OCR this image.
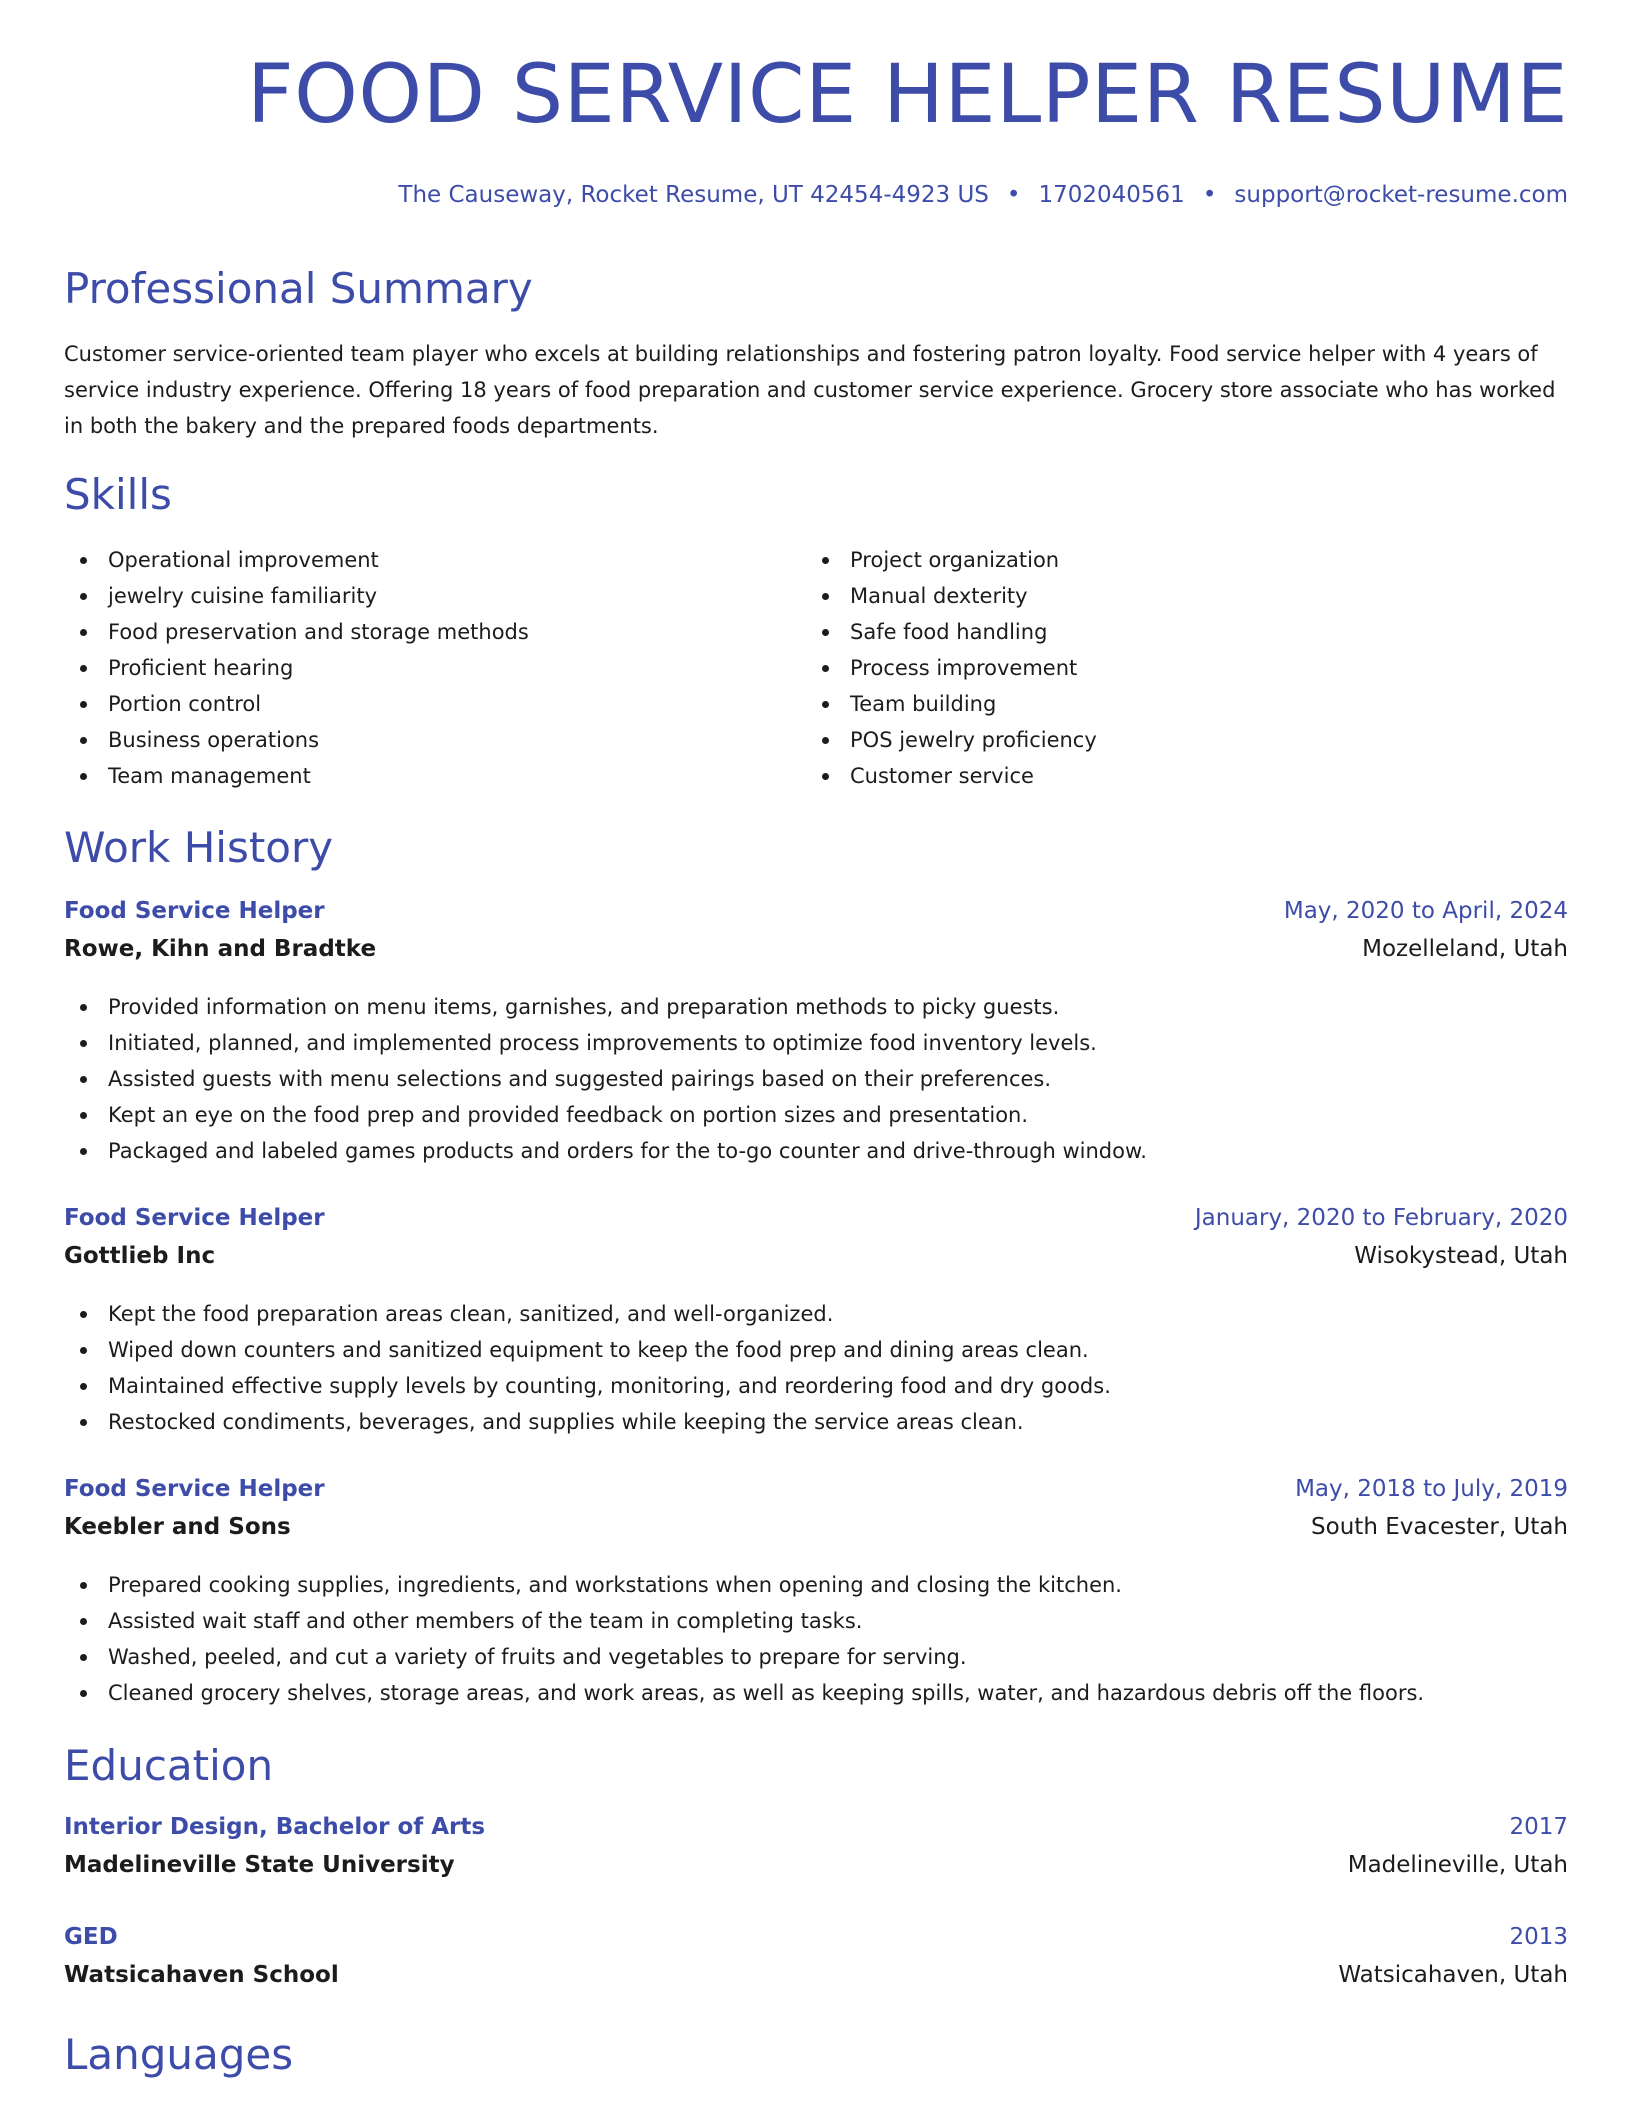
FOOD SERVICE HELPER RESUME
The Causeway, Rocket Resume, UT 42454-4923 US • 1702040561 • support@rocket-resume.com
Professional Summary

Customer service-oriented team player who excels at building relationships and fostering patron loyalty. Food service helper with 4 years of service industry experience. Offering 18 years of food preparation and customer service experience. Grocery store associate who has worked in both the bakery and the prepared foods departments.

Skills
Operational improvement
jewelry cuisine familiarity
Food preservation and storage methods
Proficient hearing
Portion control
Business operations
Team management
Project organization
Manual dexterity
Safe food handling
Process improvement
Team building
POS jewelry proficiency
Customer service
Work History
Food Service Helper	May, 2020 to April, 2024
Rowe, Kihn and Bradtke	Mozelleland, Utah
Provided information on menu items, garnishes, and preparation methods to picky guests.
Initiated, planned, and implemented process improvements to optimize food inventory levels.
Assisted guests with menu selections and suggested pairings based on their preferences.
Kept an eye on the food prep and provided feedback on portion sizes and presentation.
Packaged and labeled games products and orders for the to-go counter and drive-through window.
Food Service Helper	January, 2020 to February, 2020
Gottlieb Inc	Wisokystead, Utah
Kept the food preparation areas clean, sanitized, and well-organized.
Wiped down counters and sanitized equipment to keep the food prep and dining areas clean.
Maintained effective supply levels by counting, monitoring, and reordering food and dry goods.
Restocked condiments, beverages, and supplies while keeping the service areas clean.
Food Service Helper	May, 2018 to July, 2019
Keebler and Sons	South Evacester, Utah
Prepared cooking supplies, ingredients, and workstations when opening and closing the kitchen.
Assisted wait staff and other members of the team in completing tasks.
Washed, peeled, and cut a variety of fruits and vegetables to prepare for serving.
Cleaned grocery shelves, storage areas, and work areas, as well as keeping spills, water, and hazardous debris off the floors.
Education
Interior Design, Bachelor of Arts	2017
Madelineville State University	Madelineville, Utah
GED	2013
Watsicahaven School	Watsicahaven, Utah
Languages
